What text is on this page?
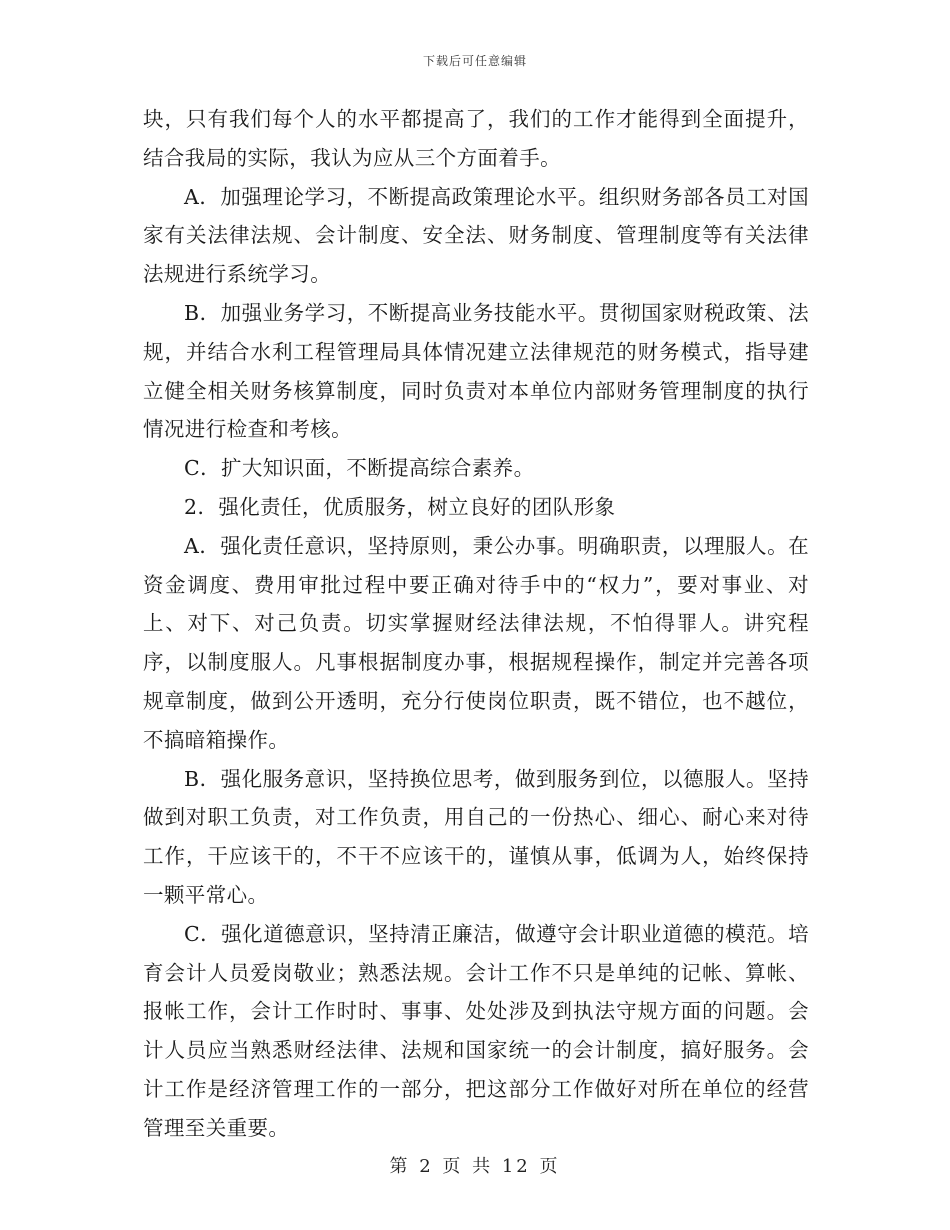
下载后可任意编辑

块，只有我们每个人的水平都提高了，我们的工作才能得到全面提升，结合我局的实际，我认为应从三个方面着手。

A．加强理论学习，不断提高政策理论水平。组织财务部各员工对国家有关法律法规、会计制度、安全法、财务制度、管理制度等有关法律法规进行系统学习。

B．加强业务学习，不断提高业务技能水平。贯彻国家财税政策、法规，并结合水利工程管理局具体情况建立法律规范的财务模式，指导建立健全相关财务核算制度，同时负责对本单位内部财务管理制度的执行情况进行检查和考核。

C．扩大知识面，不断提高综合素养。

2．强化责任，优质服务，树立良好的团队形象

A．强化责任意识，坚持原则，秉公办事。明确职责，以理服人。在资金调度、费用审批过程中要正确对待手中的“权力”，要对事业、对上、对下、对己负责。切实掌握财经法律法规，不怕得罪人。讲究程序，以制度服人。凡事根据制度办事，根据规程操作，制定并完善各项规章制度，做到公开透明，充分行使岗位职责，既不错位，也不越位，不搞暗箱操作。

B．强化服务意识，坚持换位思考，做到服务到位，以德服人。坚持做到对职工负责，对工作负责，用自己的一份热心、细心、耐心来对待工作，干应该干的，不干不应该干的，谨慎从事，低调为人，始终保持一颗平常心。

C．强化道德意识，坚持清正廉洁，做遵守会计职业道德的模范。培育会计人员爱岗敬业；熟悉法规。会计工作不只是单纯的记帐、算帐、报帐工作，会计工作时时、事事、处处涉及到执法守规方面的问题。会计人员应当熟悉财经法律、法规和国家统一的会计制度，搞好服务。会计工作是经济管理工作的一部分，把这部分工作做好对所在单位的经营管理至关重要。

第 2 页 共 12 页
